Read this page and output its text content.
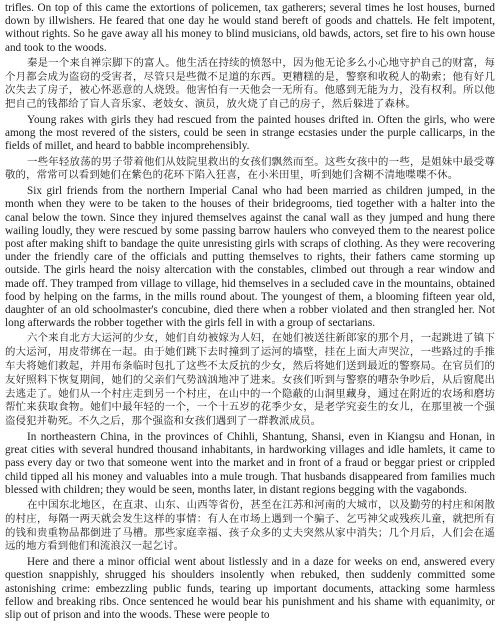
trifles. On top of this came the extortions of policemen, tax gatherers; several times he lost houses, burned down by illwishers. He feared that one day he would stand bereft of goods and chattels. He felt impotent, without rights. So he gave away all his money to blind musicians, old bawds, actors, set fire to his own house and took to the woods.

秦是一个来自禅宗脚下的富人。他生活在持续的愤怒中，因为他无论多么小心地守护自己的财富，每个月都会成为盗窃的受害者，尽管只是些微不足道的东西。更糟糕的是，警察和收税人的勒索；他有好几次失去了房子，被心怀恶意的人烧毁。他害怕有一天他会一无所有。他感到无能为力，没有权利。所以他把自己的钱都给了盲人音乐家、老妓女、演员，放火烧了自己的房子，然后躲进了森林。

Young rakes with girls they had rescued from the painted houses drifted in. Often the girls, who were among the most revered of the sisters, could be seen in strange ecstasies under the purple callicarps, in the fields of millet, and heard to babble incomprehensibly.

一些年轻放荡的男子带着他们从妓院里救出的女孩们飘然而至。这些女孩中的一些，是姐妹中最受尊敬的，常常可以看到她们在紫色的花环下陷入狂喜，在小米田里，听到她们含糊不清地喋喋不休。

Six girl friends from the northern Imperial Canal who had been married as children jumped, in the month when they were to be taken to the houses of their bridegrooms, tied together with a halter into the canal below the town. Since they injured themselves against the canal wall as they jumped and hung there wailing loudly, they were rescued by some passing barrow haulers who conveyed them to the nearest police post after making shift to bandage the quite unresisting girls with scraps of clothing. As they were recovering under the friendly care of the officials and putting themselves to rights, their fathers came storming up outside. The girls heard the noisy altercation with the constables, climbed out through a rear window and made off. They tramped from village to village, hid themselves in a secluded cave in the mountains, obtained food by helping on the farms, in the mills round about. The youngest of them, a blooming fifteen year old, daughter of an old schoolmaster's concubine, died there when a robber violated and then strangled her. Not long afterwards the robber together with the girls fell in with a group of sectarians.

六个来自北方大运河的少女，她们自幼被嫁为人妇，在她们被送往新郎家的那个月，一起跳进了镇下的大运河，用皮带绑在一起。由于她们跳下去时撞到了运河的墙壁，挂在上面大声哭泣，一些路过的手推车夫将她们救起，并用布条临时包扎了这些不太反抗的少女，然后将她们送到最近的警察局。在官员们的友好照料下恢复期间，她们的父亲们气势汹汹地冲了进来。女孩们听到与警察的嘈杂争吵后，从后窗爬出去逃走了。她们从一个村庄走到另一个村庄，在山中的一个隐蔽的山洞里藏身，通过在附近的农场和磨坊帮忙来获取食物。她们中最年轻的一个，一个十五岁的花季少女，是老学究妾生的女儿，在那里被一个强盗侵犯并勒死。不久之后，那个强盗和女孩们遇到了一群教派成员。

In northeastern China, in the provinces of Chihli, Shantung, Shansi, even in Kiangsu and Honan, in great cities with several hundred thousand inhabitants, in hardworking villages and idle hamlets, it came to pass every day or two that someone went into the market and in front of a fraud or beggar priest or crippled child tipped all his money and valuables into a mule trough. That husbands disappeared from families much blessed with children; they would be seen, months later, in distant regions begging with the vagabonds.

在中国东北地区，在直隶、山东、山西等省份，甚至在江苏和河南的大城市，以及勤劳的村庄和闲散的村庄，每隔一两天就会发生这样的事情：有人在市场上遇到一个骗子、乞丐神父或残疾儿童，就把所有的钱和贵重物品都倒进了马槽。那些家庭幸福、孩子众多的丈夫突然从家中消失；几个月后，人们会在遥远的地方看到他们和流浪汉一起乞讨。

Here and there a minor official went about listlessly and in a daze for weeks on end, answered every question snappishly, shrugged his shoulders insolently when rebuked, then suddenly committed some astonishing crime: embezzling public funds, tearing up important documents, attacking some harmless fellow and breaking ribs. Once sentenced he would bear his punishment and his shame with equanimity, or slip out of prison and into the woods. These were people to
